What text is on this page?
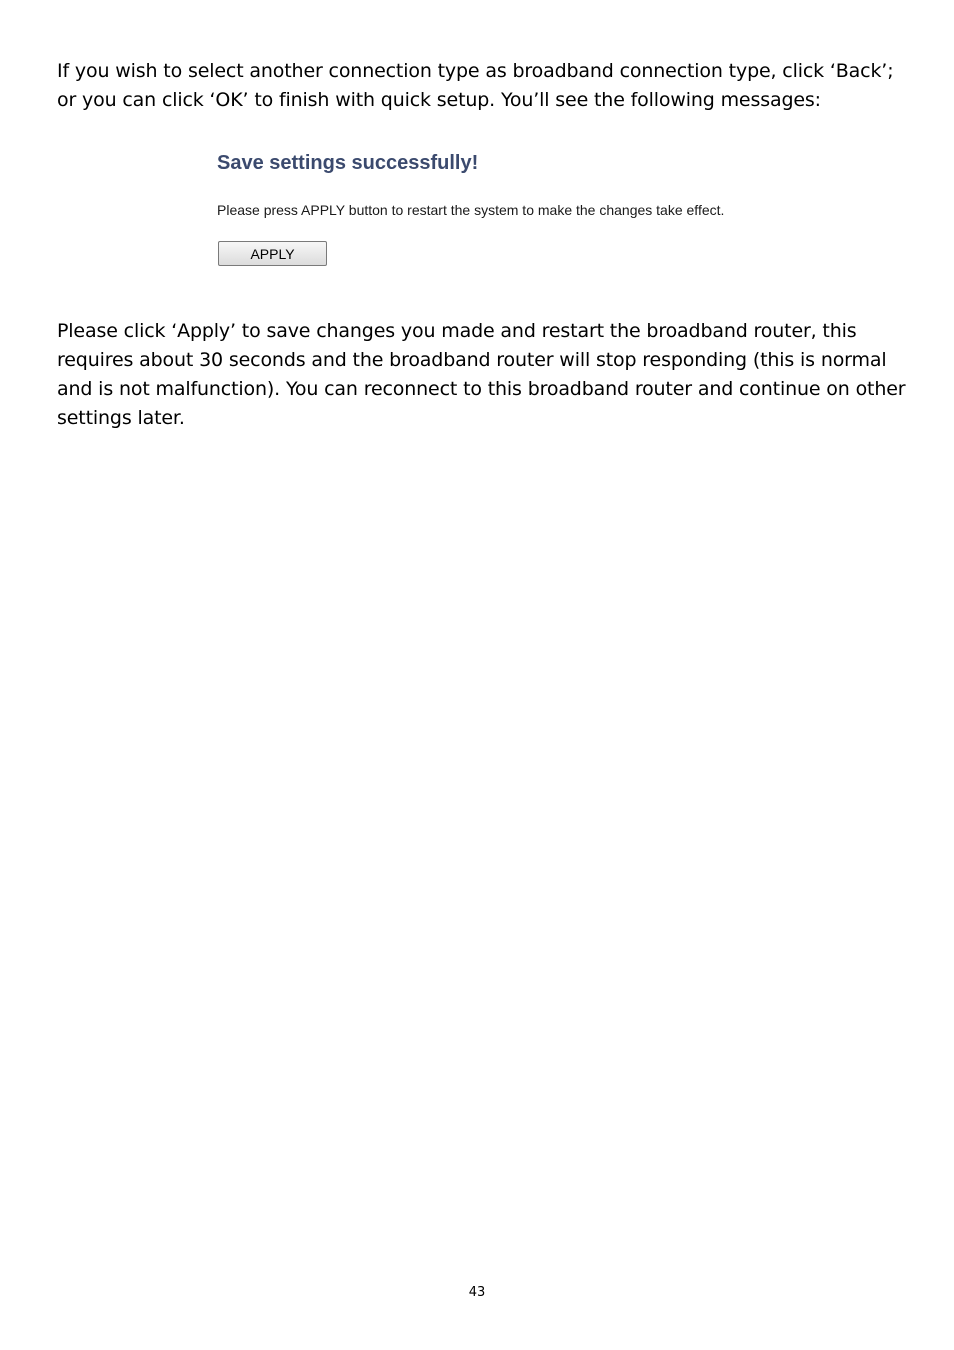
If you wish to select another connection type as broadband connection type, click ‘Back’; or you can click ‘OK’ to finish with quick setup. You’ll see the following messages:

Save settings successfully!

Please press APPLY button to restart the system to make the changes take effect.

APPLY

Please click ‘Apply’ to save changes you made and restart the broadband router, this requires about 30 seconds and the broadband router will stop responding (this is normal and is not malfunction). You can reconnect to this broadband router and continue on other settings later.

43
